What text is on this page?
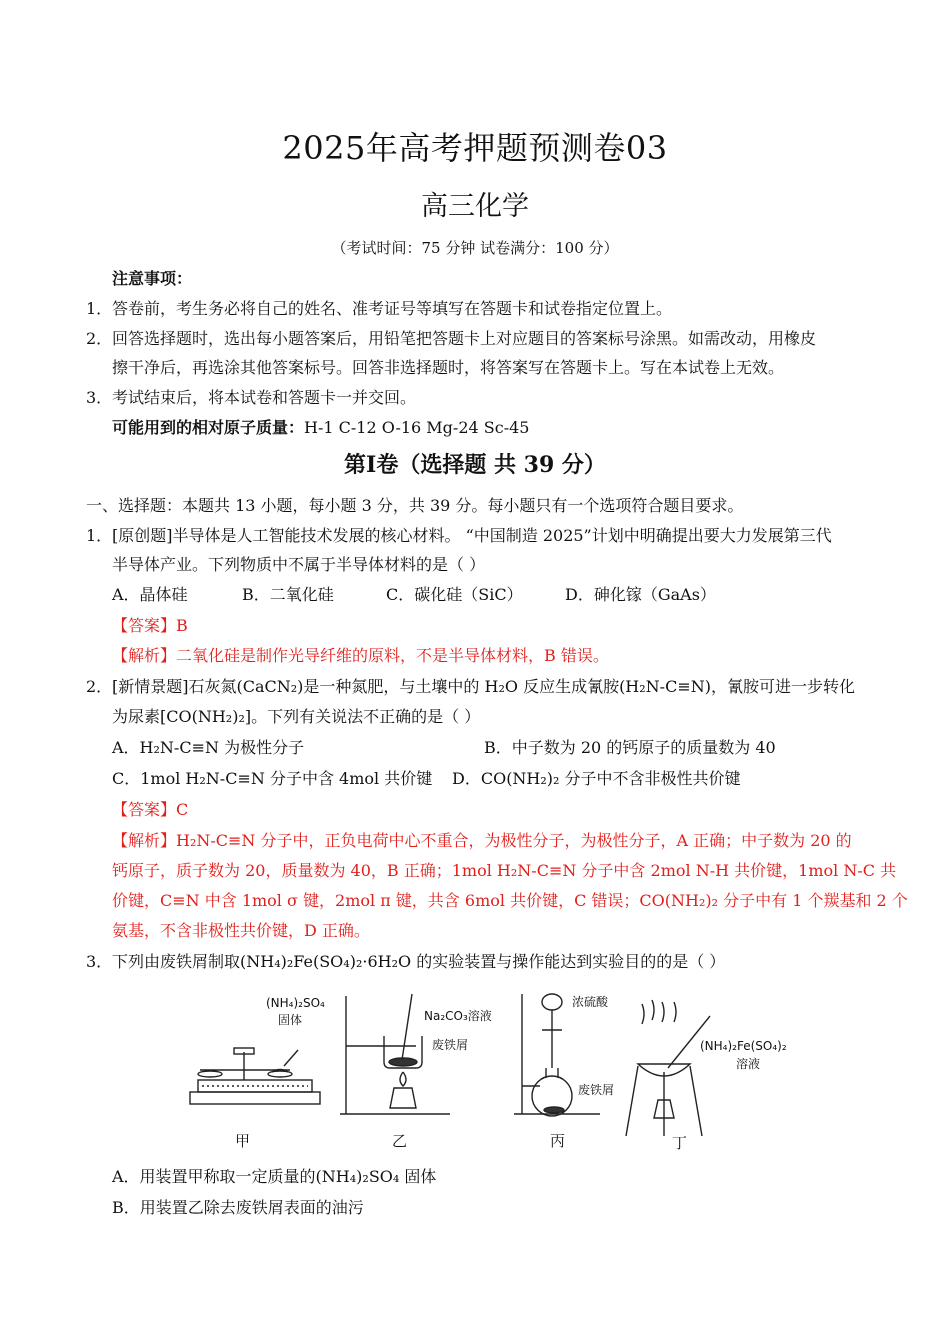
2025年高考押题预测卷03
高三化学
（考试时间：75 分钟 试卷满分：100 分）
注意事项：
1．答卷前，考生务必将自己的姓名、准考证号等填写在答题卡和试卷指定位置上。
2．回答选择题时，选出每小题答案后，用铅笔把答题卡上对应题目的答案标号涂黑。如需改动，用橡皮
擦干净后，再选涂其他答案标号。回答非选择题时，将答案写在答题卡上。写在本试卷上无效。
3．考试结束后，将本试卷和答题卡一并交回。
可能用到的相对原子质量：H-1 C-12 O-16 Mg-24 Sc-45
第Ⅰ卷（选择题 共 39 分）
一、选择题：本题共 13 小题，每小题 3 分，共 39 分。每小题只有一个选项符合题目要求。
1．[原创题]半导体是人工智能技术发展的核心材料。 “中国制造 2025”计划中明确提出要大力发展第三代
半导体产业。下列物质中不属于半导体材料的是（ ）
A．晶体硅	B．二氧化硅	C．碳化硅（SiC）	D．砷化镓（GaAs）
【答案】B
【解析】二氧化硅是制作光导纤维的原料，不是半导体材料，B 错误。
2．[新情景题]石灰氮(CaCN₂)是一种氮肥，与土壤中的 H₂O 反应生成氰胺(H₂N-C≡N)，氰胺可进一步转化
为尿素[CO(NH₂)₂]。下列有关说法不正确的是（ ）
A．H₂N-C≡N 为极性分子	B．中子数为 20 的钙原子的质量数为 40
C．1mol H₂N-C≡N 分子中含 4mol 共价键 D．CO(NH₂)₂ 分子中不含非极性共价键
【答案】C
【解析】H₂N-C≡N 分子中，正负电荷中心不重合，为极性分子，为极性分子，A 正确；中子数为 20 的
钙原子，质子数为 20，质量数为 40，B 正确；1mol H₂N-C≡N 分子中含 2mol N-H 共价键，1mol N-C 共
价键，C≡N 中含 1mol σ 键，2mol π 键，共含 6mol 共价键，C 错误；CO(NH₂)₂ 分子中有 1 个羰基和 2 个
氨基，不含非极性共价键，D 正确。
3．下列由废铁屑制取(NH₄)₂Fe(SO₄)₂·6H₂O 的实验装置与操作能达到实验目的的是（ ）
(NH₄)₂SO₄
固体
甲
Na₂CO₃溶液
废铁屑
乙
浓硫酸
废铁屑
丙
(NH₄)₂Fe(SO₄)₂
溶液
丁
A．用装置甲称取一定质量的(NH₄)₂SO₄ 固体
B．用装置乙除去废铁屑表面的油污
